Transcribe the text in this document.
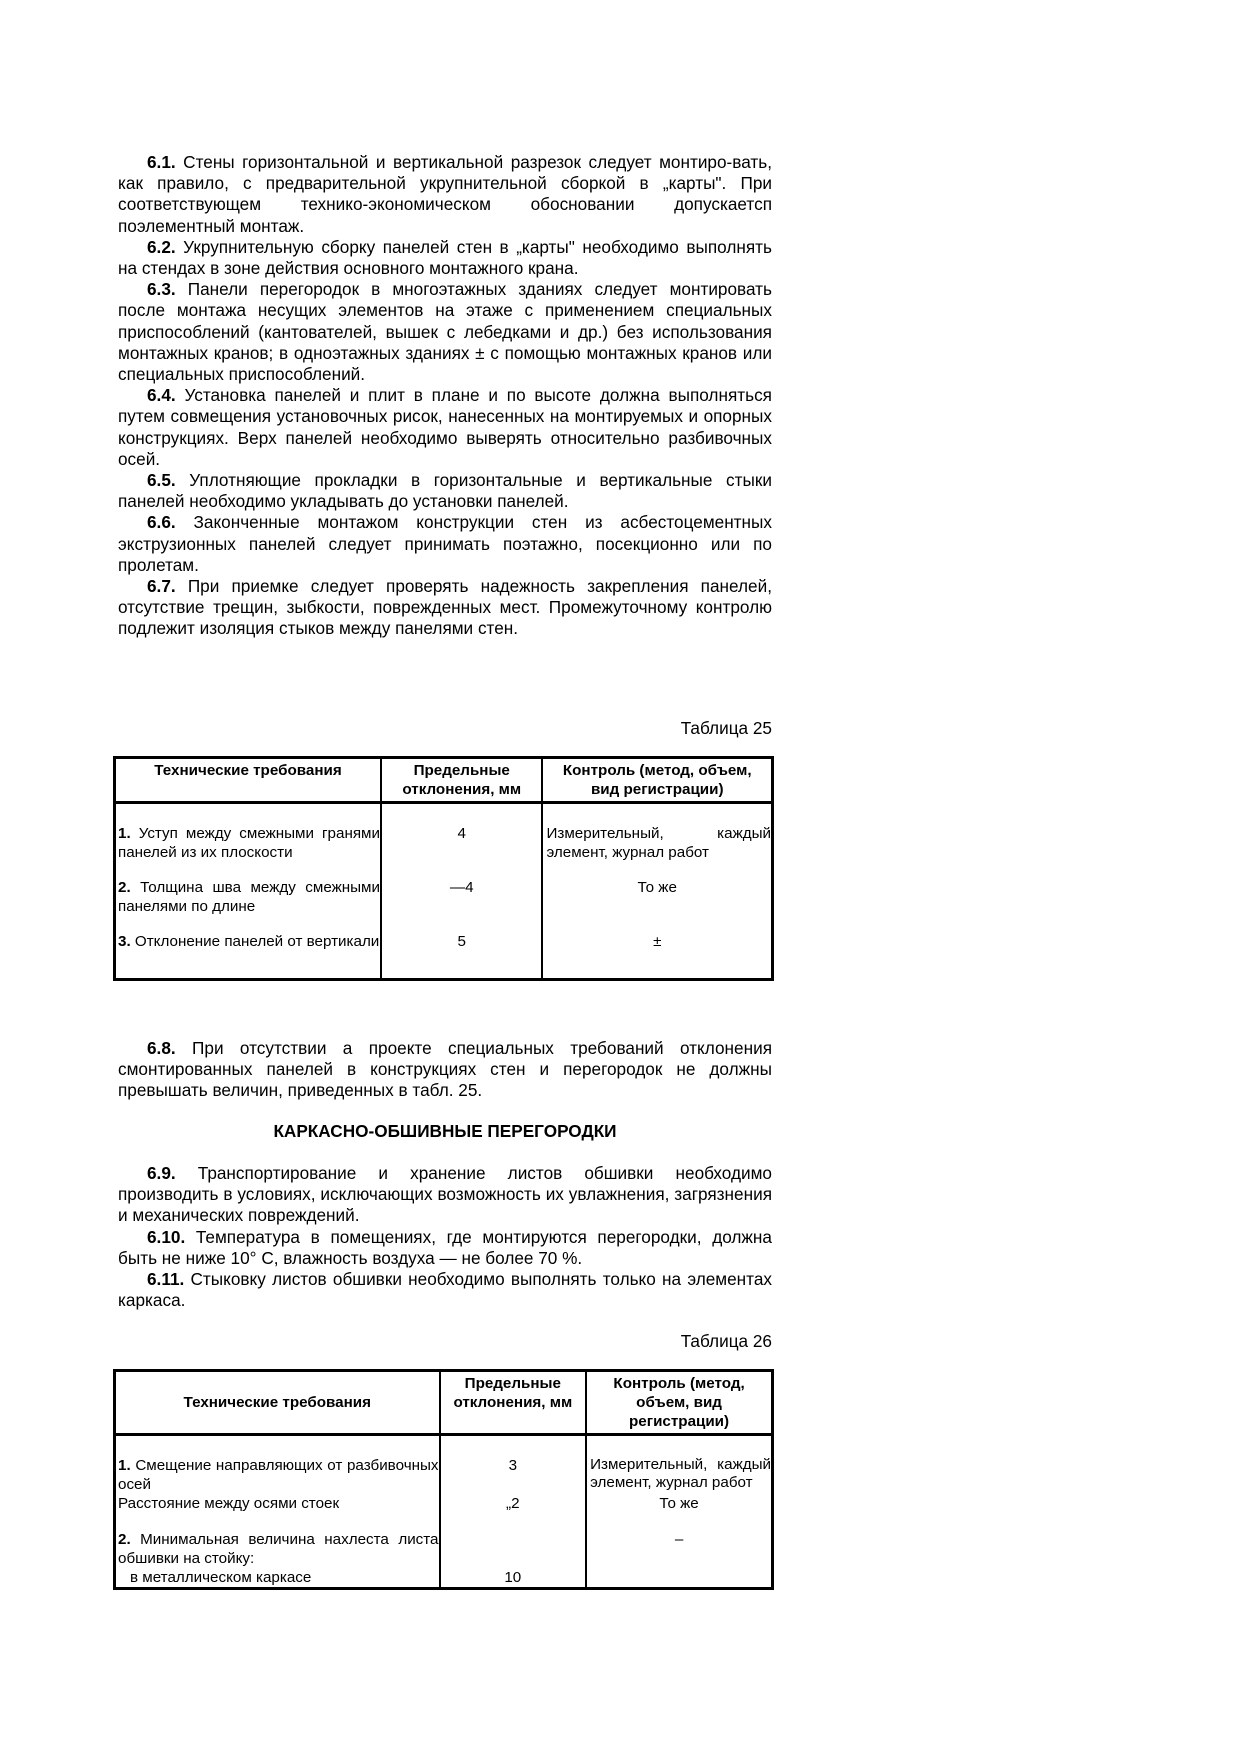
6.1. Стены горизонтальной и вертикальной разрезок следует монтиро-вать, как правило, с предварительной укрупнительной сборкой в „карты". При соответствующем технико-экономическом обосновании допускаетсп поэлементный монтаж.

6.2. Укрупнительную сборку панелей стен в „карты" необходимо выполнять на стендах в зоне действия основного монтажного крана.

6.3. Панели перегородок в многоэтажных зданиях следует монтировать после монтажа несущих элементов на этаже с применением специальных приспособлений (кантователей, вышек с лебедками и др.) без использования монтажных кранов; в одноэтажных зданиях ± с помощью монтажных кранов или специальных приспособлений.

6.4. Установка панелей и плит в плане и по высоте должна выполняться путем совмещения установочных рисок, нанесенных на монтируемых и опорных конструкциях. Верх панелей необходимо выверять относительно разбивочных осей.

6.5. Уплотняющие прокладки в горизонтальные и вертикальные стыки панелей необходимо укладывать до установки панелей.

6.6. Законченные монтажом конструкции стен из асбестоцементных экструзионных панелей следует принимать поэтажно, посекционно или по пролетам.

6.7. При приемке следует проверять надежность закрепления панелей, отсутствие трещин, зыбкости, поврежденных мест. Промежуточному контролю подлежит изоляция стыков между панелями стен.

Таблица 25
Технические требования	Предельные отклонения, мм	Контроль (метод, объем, вид регистрации)
1. Уступ между смежными гранями панелей из их плоскости	4	Измерительный, каждый элемент, журнал работ
2. Толщина шва между смежными панелями по длине	—4	То же
3. Отклонение панелей от вертикали	5	±

6.8. При отсутствии а проекте специальных требований отклонения смонтированных панелей в конструкциях стен и перегородок не должны превышать величин, приведенных в табл. 25.

КАРКАСНО-ОБШИВНЫЕ ПЕРЕГОРОДКИ

6.9. Транспортирование и хранение листов обшивки необходимо производить в условиях, исключающих возможность их увлажнения, загрязнения и механических повреждений.

6.10. Температура в помещениях, где монтируются перегородки, должна быть не ниже 10° С, влажность воздуха — не более 70 %.

6.11. Стыковку листов обшивки необходимо выполнять только на элементах каркаса.

Таблица 26
Технические требования	Предельные отклонения, мм	Контроль (метод, объем, вид регистрации)
1. Смещение направляющих от разбивочных осей	3	Измерительный, каждый элемент, журнал работ
Расстояние между осями стоек	„2	То же
2. Минимальная величина нахлеста листа обшивки на стойку:		–
в металлическом каркасе	10	
